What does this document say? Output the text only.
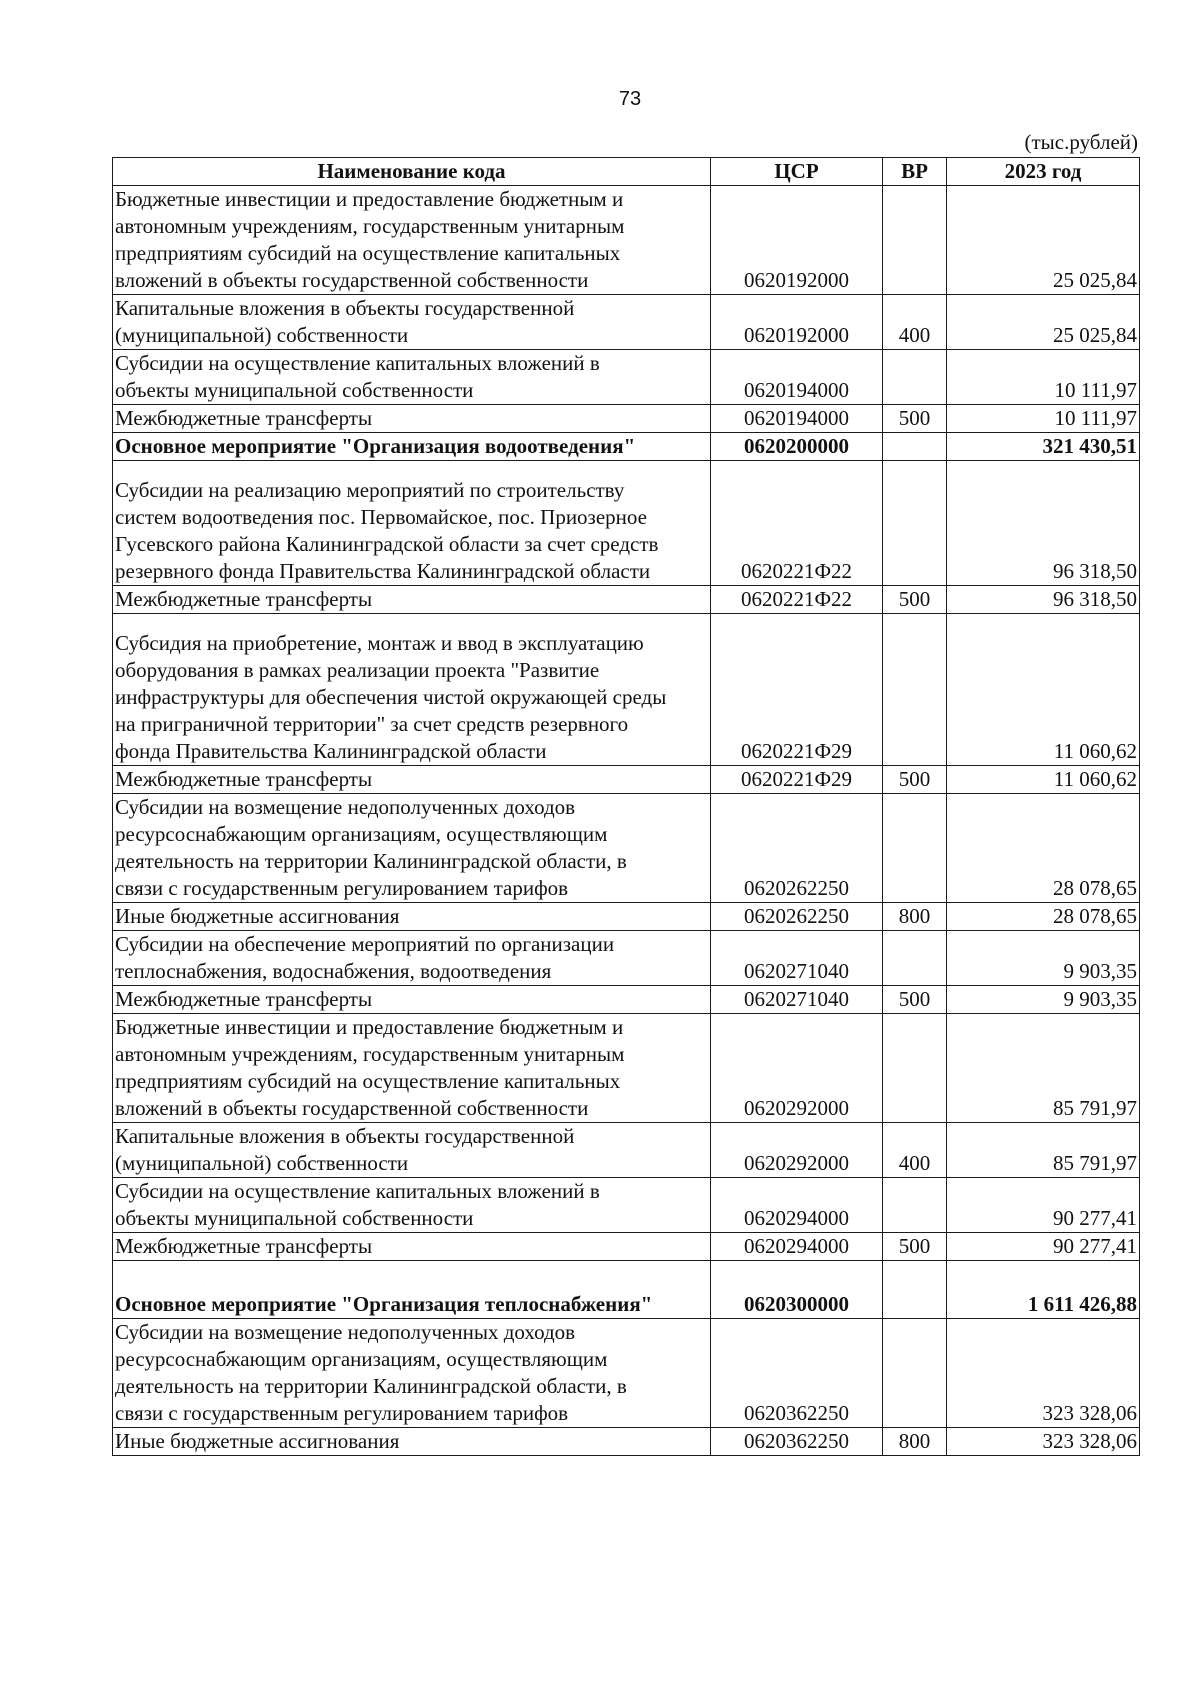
73
(тыс.рублей)
Наименование кода	ЦСР	ВР	2023 год
Бюджетные инвестиции и предоставление бюджетным и
автономным учреждениям, государственным унитарным
предприятиям субсидий на осуществление капитальных
вложений в объекты государственной собственности	0620192000		25 025,84
Капитальные вложения в объекты государственной
(муниципальной) собственности	0620192000	400	25 025,84
Субсидии на осуществление капитальных вложений в
объекты муниципальной собственности	0620194000		10 111,97
Межбюджетные трансферты	0620194000	500	10 111,97
Основное мероприятие "Организация водоотведения"	0620200000		321 430,51
Субсидии на реализацию мероприятий по строительству
систем водоотведения пос. Первомайское, пос. Приозерное
Гусевского района Калининградской области за счет средств
резервного фонда Правительства Калининградской области	0620221Ф22		96 318,50
Межбюджетные трансферты	0620221Ф22	500	96 318,50
Субсидия на приобретение, монтаж и ввод в эксплуатацию
оборудования в рамках реализации проекта "Развитие
инфраструктуры для обеспечения чистой окружающей среды
на приграничной территории" за счет средств резервного
фонда Правительства Калининградской области	0620221Ф29		11 060,62
Межбюджетные трансферты	0620221Ф29	500	11 060,62
Субсидии на возмещение недополученных доходов
ресурсоснабжающим организациям, осуществляющим
деятельность на территории Калининградской области, в
связи с государственным регулированием тарифов	0620262250		28 078,65
Иные бюджетные ассигнования	0620262250	800	28 078,65
Субсидии на обеспечение мероприятий по организации
теплоснабжения, водоснабжения, водоотведения	0620271040		9 903,35
Межбюджетные трансферты	0620271040	500	9 903,35
Бюджетные инвестиции и предоставление бюджетным и
автономным учреждениям, государственным унитарным
предприятиям субсидий на осуществление капитальных
вложений в объекты государственной собственности	0620292000		85 791,97
Капитальные вложения в объекты государственной
(муниципальной) собственности	0620292000	400	85 791,97
Субсидии на осуществление капитальных вложений в
объекты муниципальной собственности	0620294000		90 277,41
Межбюджетные трансферты	0620294000	500	90 277,41
Основное мероприятие "Организация теплоснабжения"	0620300000		1 611 426,88
Субсидии на возмещение недополученных доходов
ресурсоснабжающим организациям, осуществляющим
деятельность на территории Калининградской области, в
связи с государственным регулированием тарифов	0620362250		323 328,06
Иные бюджетные ассигнования	0620362250	800	323 328,06
